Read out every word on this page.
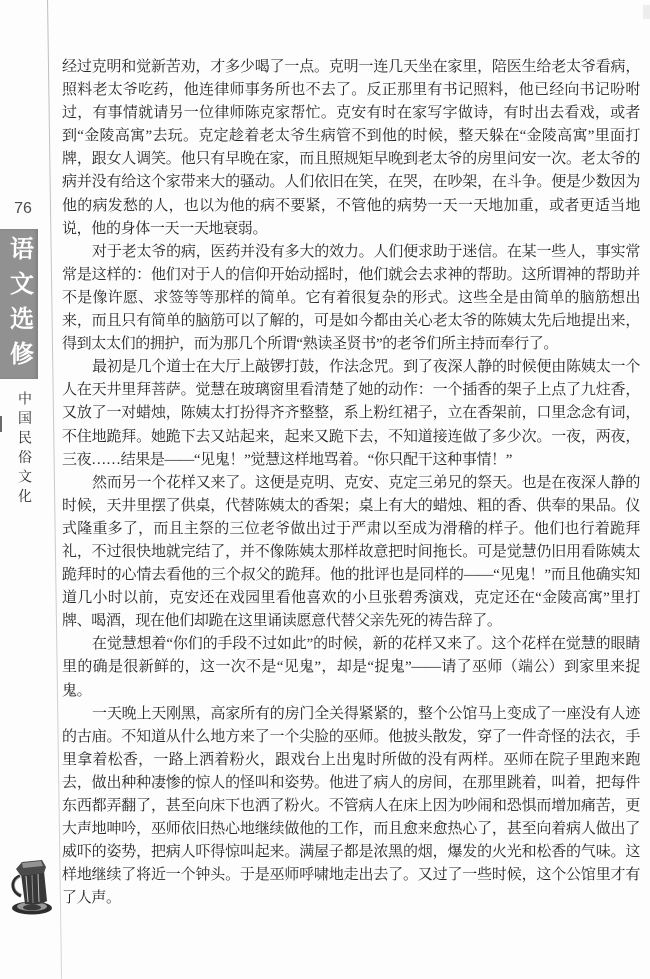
76
语文选修
中国民俗文化

经过克明和觉新苦劝，才多少喝了一点。克明一连几天坐在家里，陪医生给老太爷看病，照料老太爷吃药，他连律师事务所也不去了。反正那里有书记照料，他已经向书记吩咐过，有事情就请另一位律师陈克家帮忙。克安有时在家写字做诗，有时出去看戏，或者到“金陵高寓”去玩。克定趁着老太爷生病管不到他的时候，整天躲在“金陵高寓”里面打牌，跟女人调笑。他只有早晚在家，而且照规矩早晚到老太爷的房里问安一次。老太爷的病并没有给这个家带来大的骚动。人们依旧在笑，在哭，在吵架，在斗争。便是少数因为他的病发愁的人，也以为他的病不要紧，不管他的病势一天一天地加重，或者更适当地说，他的身体一天一天地衰弱。

对于老太爷的病，医药并没有多大的效力。人们便求助于迷信。在某一些人，事实常常是这样的：他们对于人的信仰开始动摇时，他们就会去求神的帮助。这所谓神的帮助并不是像许愿、求签等等那样的简单。它有着很复杂的形式。这些全是由简单的脑筋想出来，而且只有简单的脑筋可以了解的，可是如今都由关心老太爷的陈姨太先后地提出来，得到太太们的拥护，而为那几个所谓“熟读圣贤书”的老爷们所主持而奉行了。

最初是几个道士在大厅上敲锣打鼓，作法念咒。到了夜深人静的时候便由陈姨太一个人在天井里拜菩萨。觉慧在玻璃窗里看清楚了她的动作：一个插香的架子上点了九炷香，又放了一对蜡烛，陈姨太打扮得齐齐整整，系上粉红裙子，立在香架前，口里念念有词，不住地跪拜。她跪下去又站起来，起来又跪下去，不知道接连做了多少次。一夜，两夜，三夜……结果是——“见鬼！”觉慧这样地骂着。“你只配干这种事情！”

然而另一个花样又来了。这便是克明、克安、克定三弟兄的祭天。也是在夜深人静的时候，天井里摆了供桌，代替陈姨太的香架；桌上有大的蜡烛、粗的香、供奉的果品。仪式隆重多了，而且主祭的三位老爷做出过于严肃以至成为滑稽的样子。他们也行着跪拜礼，不过很快地就完结了，并不像陈姨太那样故意把时间拖长。可是觉慧仍旧用看陈姨太跪拜时的心情去看他的三个叔父的跪拜。他的批评也是同样的——“见鬼！”而且他确实知道几小时以前，克安还在戏园里看他喜欢的小旦张碧秀演戏，克定还在“金陵高寓”里打牌、喝酒，现在他们却跪在这里诵读愿意代替父亲先死的祷告辞了。

在觉慧想着“你们的手段不过如此”的时候，新的花样又来了。这个花样在觉慧的眼睛里的确是很新鲜的，这一次不是“见鬼”，却是“捉鬼”——请了巫师（端公）到家里来捉鬼。

一天晚上天刚黑，高家所有的房门全关得紧紧的，整个公馆马上变成了一座没有人迹的古庙。不知道从什么地方来了一个尖脸的巫师。他披头散发，穿了一件奇怪的法衣，手里拿着松香，一路上洒着粉火，跟戏台上出鬼时所做的没有两样。巫师在院子里跑来跑去，做出种种凄惨的惊人的怪叫和姿势。他进了病人的房间，在那里跳着，叫着，把每件东西都弄翻了，甚至向床下也洒了粉火。不管病人在床上因为吵闹和恐惧而增加痛苦，更大声地呻吟，巫师依旧热心地继续做他的工作，而且愈来愈热心了，甚至向着病人做出了威吓的姿势，把病人吓得惊叫起来。满屋子都是浓黑的烟，爆发的火光和松香的气味。这样地继续了将近一个钟头。于是巫师呼啸地走出去了。又过了一些时候，这个公馆里才有了人声。
